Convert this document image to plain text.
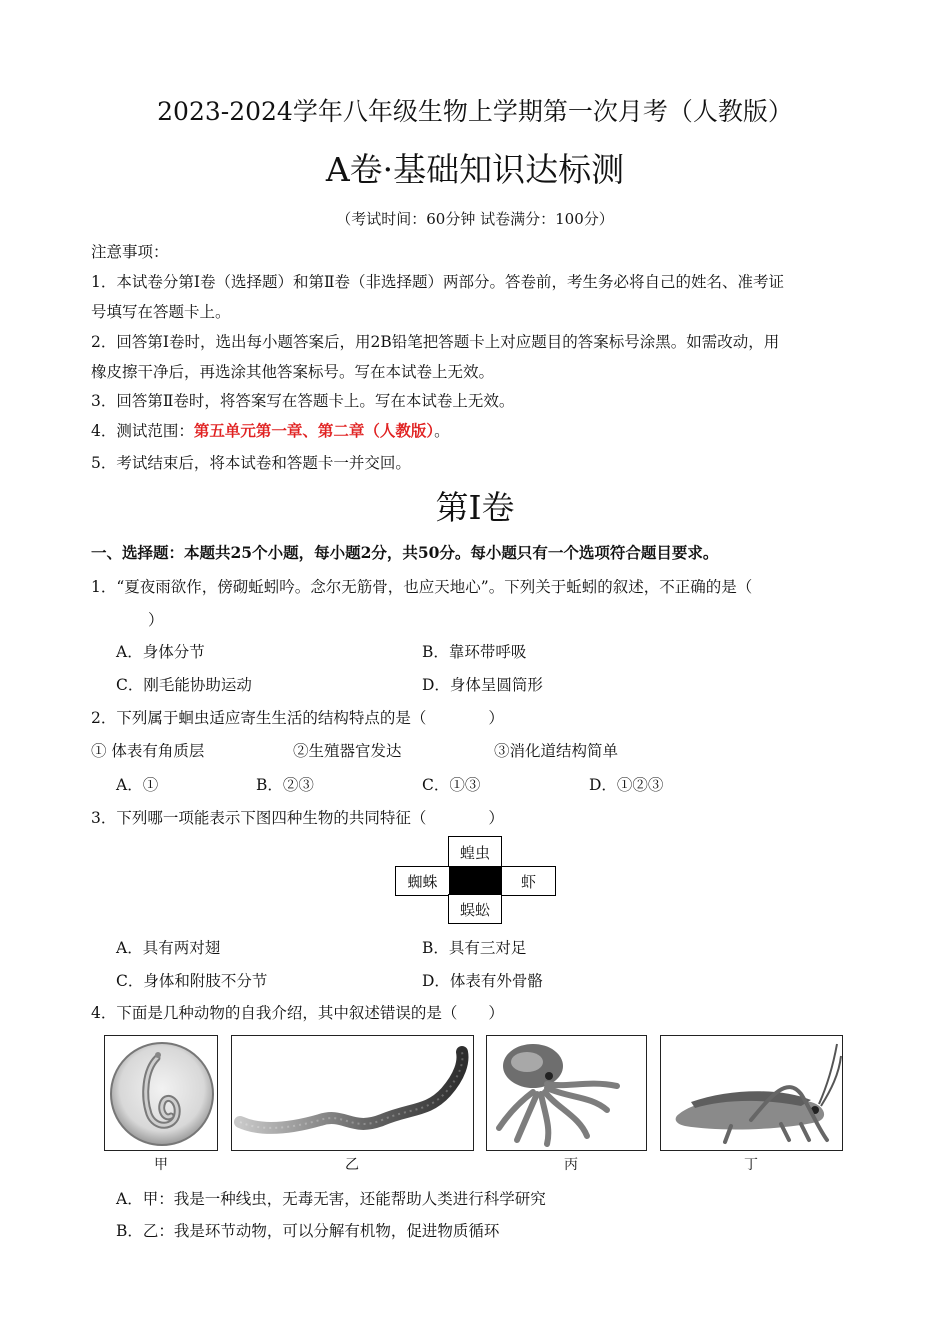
2023-2024学年八年级生物上学期第一次月考（人教版）
A卷·基础知识达标测
（考试时间：60分钟 试卷满分：100分）
注意事项：
1．本试卷分第Ⅰ卷（选择题）和第Ⅱ卷（非选择题）两部分。答卷前，考生务必将自己的姓名、准考证
号填写在答题卡上。
2．回答第Ⅰ卷时，选出每小题答案后，用2B铅笔把答题卡上对应题目的答案标号涂黑。如需改动，用
橡皮擦干净后，再选涂其他答案标号。写在本试卷上无效。
3．回答第Ⅱ卷时，将答案写在答题卡上。写在本试卷上无效。
4．测试范围：第五单元第一章、第二章（人教版）。
5．考试结束后，将本试卷和答题卡一并交回。
第Ⅰ卷
一、选择题：本题共25个小题，每小题2分，共50分。每小题只有一个选项符合题目要求。
1．“夏夜雨欲作，傍砌蚯蚓吟。念尔无筋骨，也应天地心”。下列关于蚯蚓的叙述，不正确的是（
）
A．身体分节	B．靠环带呼吸
C．刚毛能协助运动	D．身体呈圆筒形
2．下列属于蛔虫适应寄生生活的结构特点的是（　　　　）
① 体表有角质层	②生殖器官发达	③消化道结构简单
A．①	B．②③	C．①③	D．①②③
3．下列哪一项能表示下图四种生物的共同特征（　　　　）
蝗虫
蜘蛛	虾
蜈蚣
A．具有两对翅	B．具有三对足
C．身体和附肢不分节	D．体表有外骨骼
4．下面是几种动物的自我介绍，其中叙述错误的是（　　）
甲	乙	丙	丁
A．甲：我是一种线虫，无毒无害，还能帮助人类进行科学研究
B．乙：我是环节动物，可以分解有机物，促进物质循环
